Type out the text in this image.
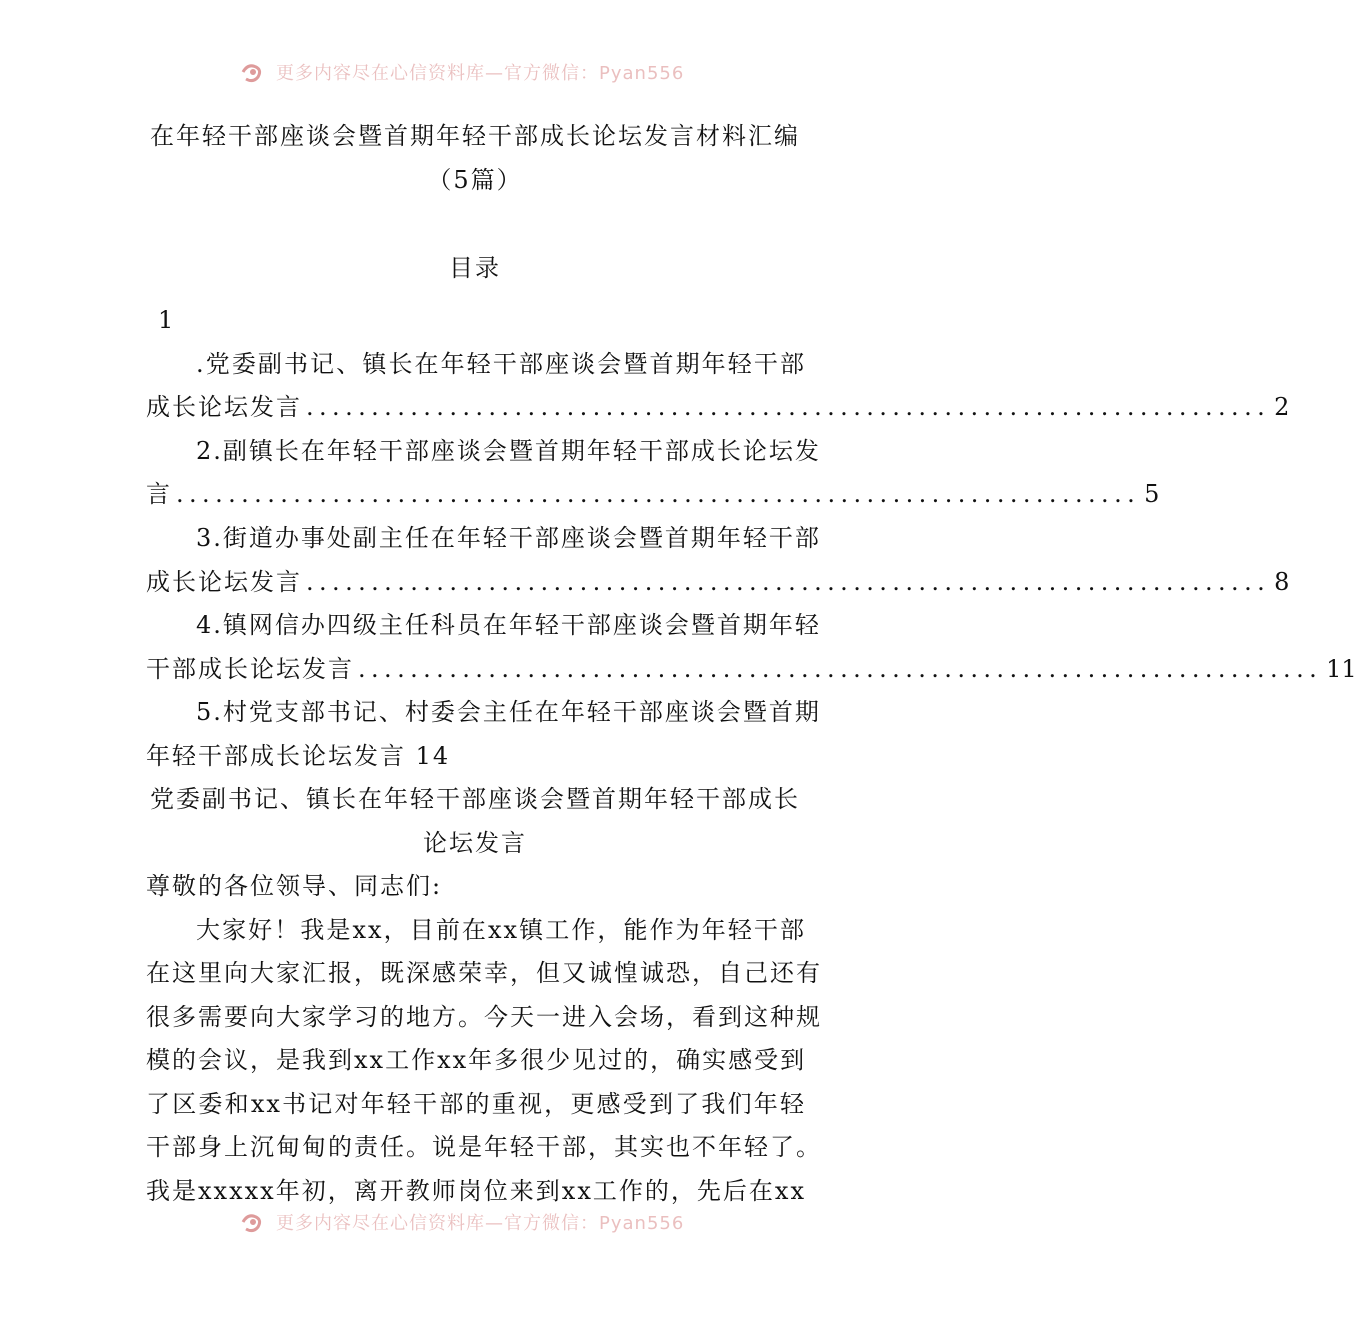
更多内容尽在心信资料库—官方微信：Pyan556
在年轻干部座谈会暨首期年轻干部成长论坛发言材料汇编
（5篇）
目录
1
.党委副书记、镇长在年轻干部座谈会暨首期年轻干部
成长论坛发言 .......................................................................... 2
2.副镇长在年轻干部座谈会暨首期年轻干部成长论坛发
言 .......................................................................... 5
3.街道办事处副主任在年轻干部座谈会暨首期年轻干部
成长论坛发言 .......................................................................... 8
4.镇网信办四级主任科员在年轻干部座谈会暨首期年轻
干部成长论坛发言 .......................................................................... 11
5.村党支部书记、村委会主任在年轻干部座谈会暨首期
年轻干部成长论坛发言 14
党委副书记、镇长在年轻干部座谈会暨首期年轻干部成长
论坛发言
尊敬的各位领导、同志们:
大家好！我是xx，目前在xx镇工作，能作为年轻干部
在这里向大家汇报，既深感荣幸，但又诚惶诚恐，自己还有
很多需要向大家学习的地方。今天一进入会场，看到这种规
模的会议，是我到xx工作xx年多很少见过的，确实感受到
了区委和xx书记对年轻干部的重视，更感受到了我们年轻
干部身上沉甸甸的责任。说是年轻干部，其实也不年轻了。
我是xxxxx年初，离开教师岗位来到xx工作的，先后在xx
更多内容尽在心信资料库—官方微信：Pyan556
